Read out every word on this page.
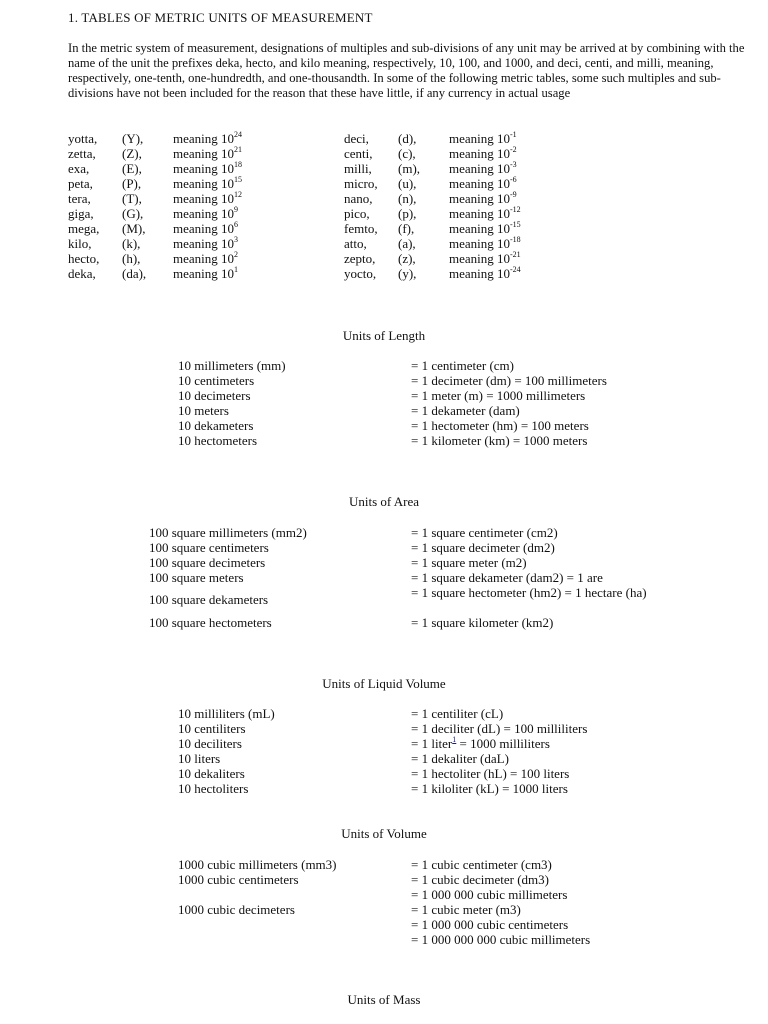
1. TABLES OF METRIC UNITS OF MEASUREMENT
In the metric system of measurement, designations of multiples and sub-divisions of any unit may be arrived at by combining with the name of the unit the prefixes deka, hecto, and kilo meaning, respectively, 10, 100, and 1000, and deci, centi, and milli, meaning, respectively, one-tenth, one-hundredth, and one-thousandth. In some of the following metric tables, some such multiples and sub-divisions have not been included for the reason that these have little, if any currency in actual usage
yotta, (Y), meaning $10^{24}$
zetta, (Z), meaning $10^{21}$
exa,	(E), meaning $10^{18}$
peta, (P), meaning $10^{15}$
tera, (T), meaning $10^{12}$
giga, (G), meaning $10^9$
mega, (M), meaning $10^6$
kilo, (k),	meaning $10^3$
hecto, (h),	meaning $10^2$
deka, (da), meaning $10^1$
deci, (d),	meaning $10^{-1}$
centi, (c),	meaning $10^{-2}$
milli, (m), meaning $10^{-3}$
micro, (u),	meaning $10^{-6}$
nano, (n),	meaning $10^{-9}$
pico, (p),	meaning $10^{-12}$
femto, (f),	meaning $10^{-15}$
atto, (a),	meaning $10^{-18}$
zepto, (z),	meaning $10^{-21}$
yocto, (y),	meaning $10^{-24}$
Units of Length
10 millimeters (mm)	= 1 centimeter (cm)
10 centimeters	= 1 decimeter (dm) = 100 millimeters
10 decimeters	= 1 meter (m) = 1000 millimeters
10 meters	= 1 dekameter (dam)
10 dekameters	= 1 hectometer (hm) = 100 meters
10 hectometers	= 1 kilometer (km) = 1000 meters
Units of Area
100 square millimeters (mm2)	= 1 square centimeter (cm2)
100 square centimeters	= 1 square decimeter (dm2)
100 square decimeters	= 1 square meter (m2)
100 square meters	= 1 square dekameter (dam2) = 1 are
100 square dekameters	= 1 square hectometer (hm2) = 1 hectare (ha)
100 square hectometers	= 1 square kilometer (km2)
Units of Liquid Volume
10 milliliters (mL)	= 1 centiliter (cL)
10 centiliters	= 1 deciliter (dL) = 100 milliliters
10 deciliters	= 1 liter$^1$ = 1000 milliliters
10 liters	= 1 dekaliter (daL)
10 dekaliters	= 1 hectoliter (hL) = 100 liters
10 hectoliters	= 1 kiloliter (kL) = 1000 liters
Units of Volume
1000 cubic millimeters (mm3)	= 1 cubic centimeter (cm3)
1000 cubic centimeters	= 1 cubic decimeter (dm3)
= 1 000 000 cubic millimeters
1000 cubic decimeters	= 1 cubic meter (m3)
= 1 000 000 cubic centimeters
= 1 000 000 000 cubic millimeters
Units of Mass
